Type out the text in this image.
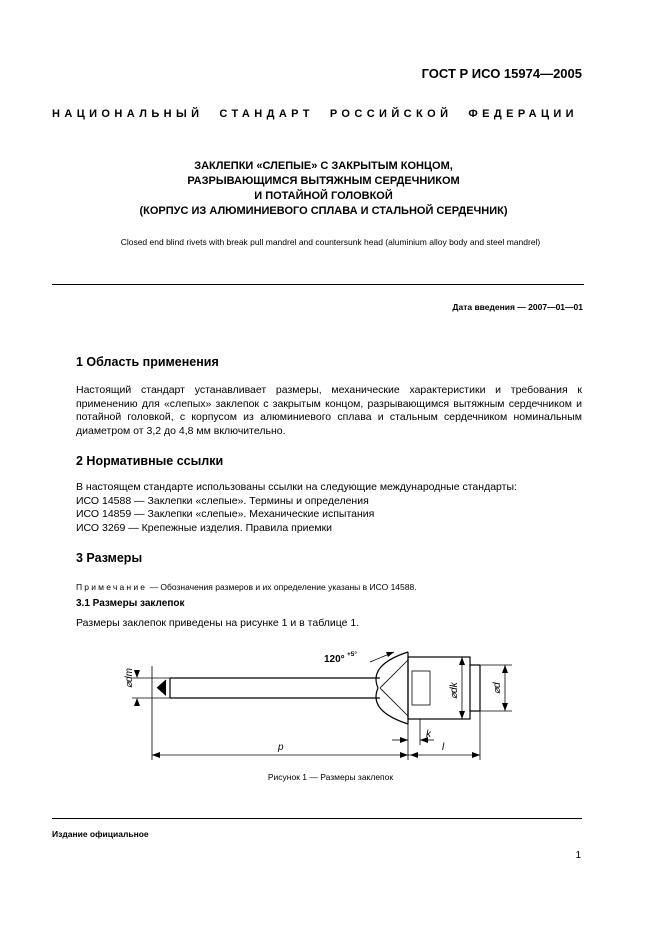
ГОСТ Р ИСО 15974—2005
НАЦИОНАЛЬНЫЙ СТАНДАРТ РОССИЙСКОЙ ФЕДЕРАЦИИ
ЗАКЛЕПКИ «СЛЕПЫЕ» С ЗАКРЫТЫМ КОНЦОМ,
РАЗРЫВАЮЩИМСЯ ВЫТЯЖНЫМ СЕРДЕЧНИКОМ
И ПОТАЙНОЙ ГОЛОВКОЙ
(КОРПУС ИЗ АЛЮМИНИЕВОГО СПЛАВА И СТАЛЬНОЙ СЕРДЕЧНИК)
Closed end blind rivets with break pull mandrel and countersunk head (aluminium alloy body and steel mandrel)
Дата введения — 2007—01—01
1 Область применения
Настоящий стандарт устанавливает размеры, механические характеристики и требования к применению для «слепых» заклепок с закрытым концом, разрывающимся вытяжным сердечником и потайной головкой, с корпусом из алюминиевого сплава и стальным сердечником номинальным диаметром от 3,2 до 4,8 мм включительно.
2 Нормативные ссылки
В настоящем стандарте использованы ссылки на следующие международные стандарты:
ИСО 14588 — Заклепки «слепые». Термины и определения
ИСО 14859 — Заклепки «слепые». Механические испытания
ИСО 3269 — Крепежные изделия. Правила приемки
3 Размеры
Примечание — Обозначения размеров и их определение указаны в ИСО 14588.
3.1 Размеры заклепок
Размеры заклепок приведены на рисунке 1 и в таблице 1.
120° +5°
⌀dm
⌀dk	⌀d
k
p	l
Рисунок 1 — Размеры заклепок
Издание официальное
1
